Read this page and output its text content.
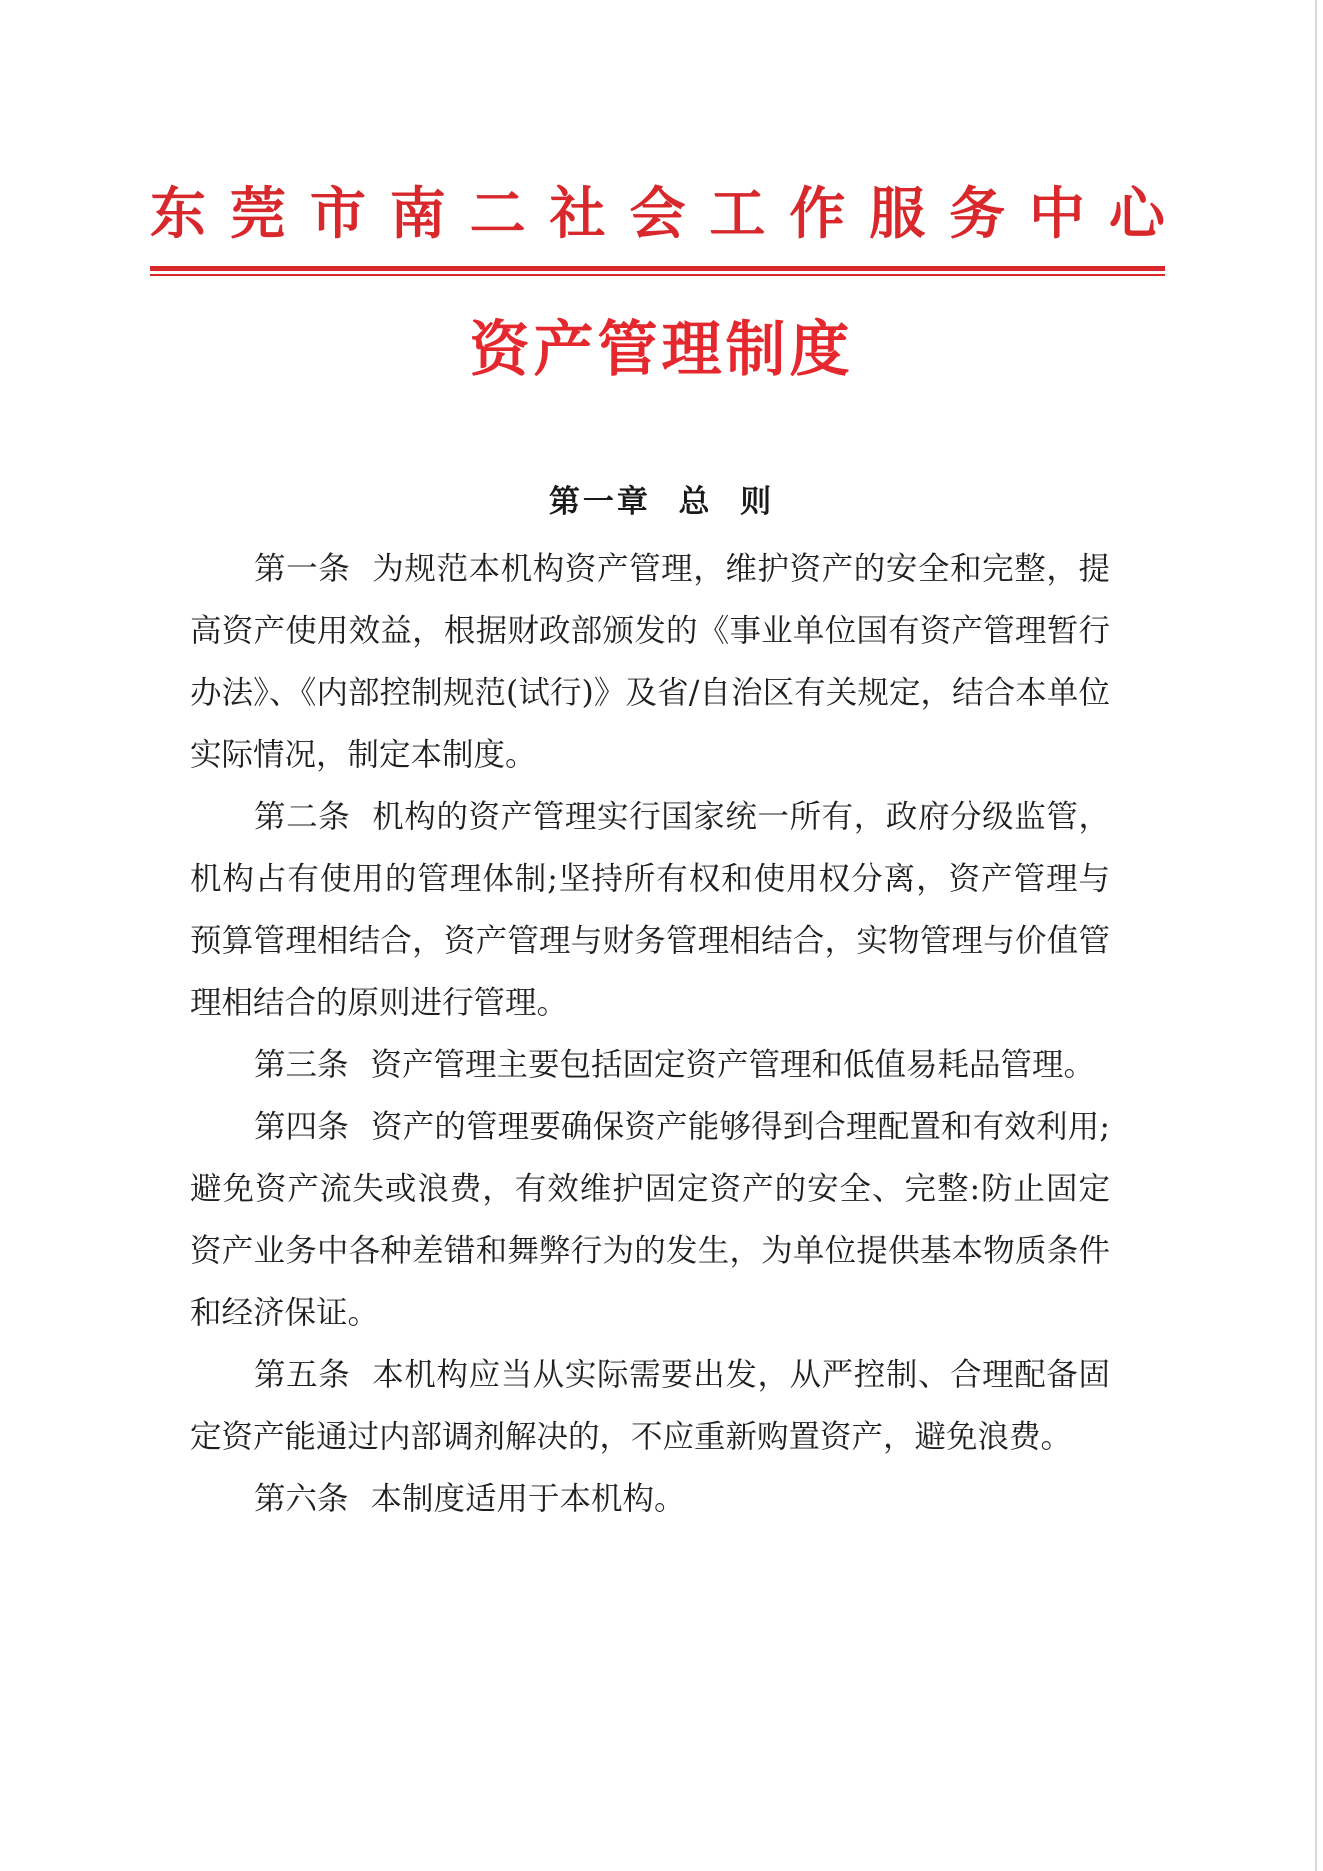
东 莞 市 南 二 社 会 工 作 服 务 中 心
资产管理制度
第一章  总  则

第一条 为规范本机构资产管理，维护资产的安全和完整，提高资产使用效益，根据财政部颁发的《事业单位国有资产管理暂行办法》、《内部控制规范(试行)》及省/自治区有关规定，结合本单位实际情况，制定本制度。

第二条 机构的资产管理实行国家统一所有，政府分级监管，机构占有使用的管理体制;坚持所有权和使用权分离，资产管理与预算管理相结合，资产管理与财务管理相结合，实物管理与价值管理相结合的原则进行管理。

第三条 资产管理主要包括固定资产管理和低值易耗品管理。

第四条 资产的管理要确保资产能够得到合理配置和有效利用;避免资产流失或浪费，有效维护固定资产的安全、完整:防止固定资产业务中各种差错和舞弊行为的发生，为单位提供基本物质条件和经济保证。

第五条 本机构应当从实际需要出发，从严控制、合理配备固定资产能通过内部调剂解决的，不应重新购置资产，避免浪费。

第六条 本制度适用于本机构。
